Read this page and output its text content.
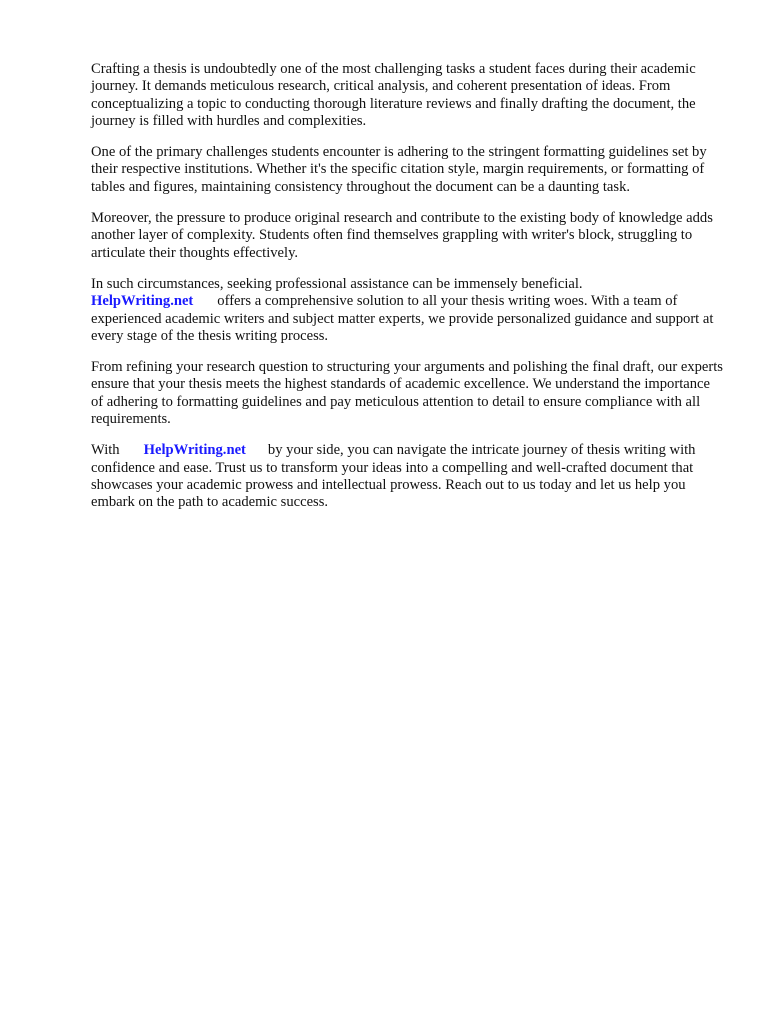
Crafting a thesis is undoubtedly one of the most challenging tasks a student faces during their academic journey. It demands meticulous research, critical analysis, and coherent presentation of ideas. From conceptualizing a topic to conducting thorough literature reviews and finally drafting the document, the journey is filled with hurdles and complexities.

One of the primary challenges students encounter is adhering to the stringent formatting guidelines set by their respective institutions. Whether it's the specific citation style, margin requirements, or formatting of tables and figures, maintaining consistency throughout the document can be a daunting task.

Moreover, the pressure to produce original research and contribute to the existing body of knowledge adds another layer of complexity. Students often find themselves grappling with writer's block, struggling to articulate their thoughts effectively.

In such circumstances, seeking professional assistance can be immensely beneficial.
HelpWriting.net offers a comprehensive solution to all your thesis writing woes. With a team of experienced academic writers and subject matter experts, we provide personalized guidance and support at every stage of the thesis writing process.

From refining your research question to structuring your arguments and polishing the final draft, our experts ensure that your thesis meets the highest standards of academic excellence. We understand the importance of adhering to formatting guidelines and pay meticulous attention to detail to ensure compliance with all requirements.

With HelpWriting.net by your side, you can navigate the intricate journey of thesis writing with confidence and ease. Trust us to transform your ideas into a compelling and well-crafted document that showcases your academic prowess and intellectual prowess. Reach out to us today and let us help you embark on the path to academic success.
